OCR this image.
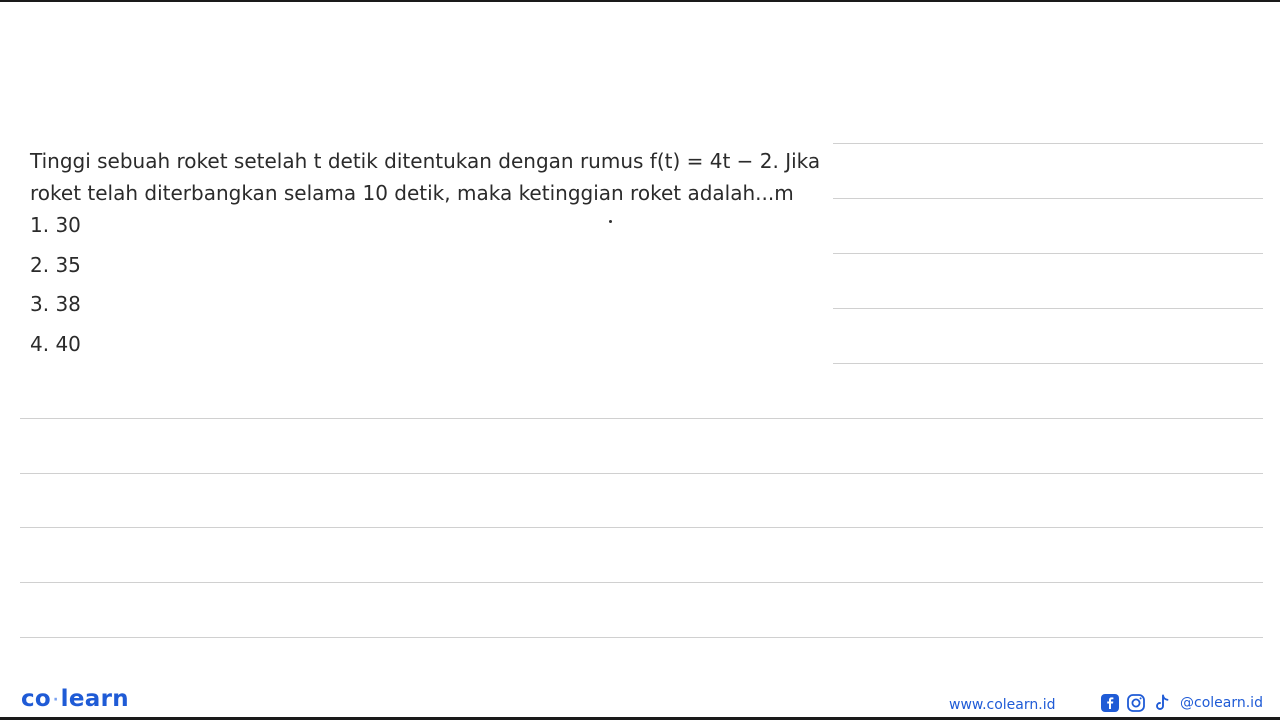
Tinggi sebuah roket setelah t detik ditentukan dengan rumus f(t) = 4t − 2. Jika
roket telah diterbangkan selama 10 detik, maka ketinggian roket adalah...m
1. 30
2. 35
3. 38
4. 40
co ·learn	www.colearn.id	@colearn.id
